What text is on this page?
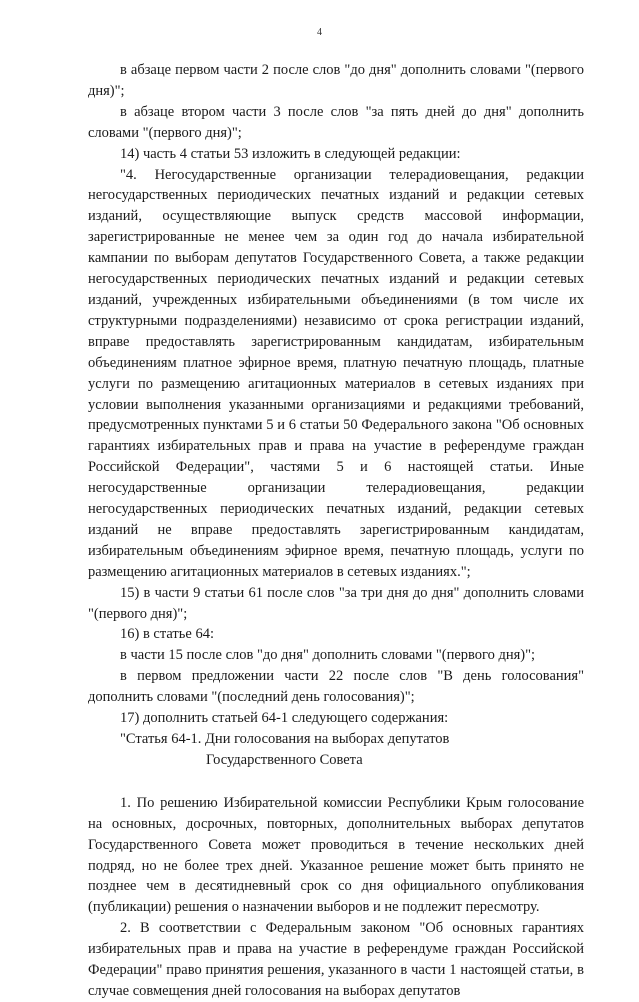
4

в абзаце первом части 2 после слов "до дня" дополнить словами "(первого дня)";

в абзаце втором части 3 после слов "за пять дней до дня" дополнить словами "(первого дня)";

14) часть 4 статьи 53 изложить в следующей редакции:

"4. Негосударственные организации телерадиовещания, редакции негосударственных периодических печатных изданий и редакции сетевых изданий, осуществляющие выпуск средств массовой информации, зарегистрированные не менее чем за один год до начала избирательной кампании по выборам депутатов Государственного Совета, а также редакции негосударственных периодических печатных изданий и редакции сетевых изданий, учрежденных избирательными объединениями (в том числе их структурными подразделениями) независимо от срока регистрации изданий, вправе предоставлять зарегистрированным кандидатам, избирательным объединениям платное эфирное время, платную печатную площадь, платные услуги по размещению агитационных материалов в сетевых изданиях при условии выполнения указанными организациями и редакциями требований, предусмотренных пунктами 5 и 6 статьи 50 Федерального закона "Об основных гарантиях избирательных прав и права на участие в референдуме граждан Российской Федерации", частями 5 и 6 настоящей статьи. Иные негосударственные организации телерадиовещания, редакции негосударственных периодических печатных изданий, редакции сетевых изданий не вправе предоставлять зарегистрированным кандидатам, избирательным объединениям эфирное время, печатную площадь, услуги по размещению агитационных материалов в сетевых изданиях.";

15) в части 9 статьи 61 после слов "за три дня до дня" дополнить словами "(первого дня)";

16) в статье 64:

в части 15 после слов "до дня" дополнить словами "(первого дня)";

в первом предложении части 22 после слов "В день голосования" дополнить словами "(последний день голосования)";

17) дополнить статьей 64-1 следующего содержания:

"Статья 64-1. Дни голосования на выборах депутатов
Государственного Совета

1. По решению Избирательной комиссии Республики Крым голосование на основных, досрочных, повторных, дополнительных выборах депутатов Государственного Совета может проводиться в течение нескольких дней подряд, но не более трех дней. Указанное решение может быть принято не позднее чем в десятидневный срок со дня официального опубликования (публикации) решения о назначении выборов и не подлежит пересмотру.

2. В соответствии с Федеральным законом "Об основных гарантиях избирательных прав и права на участие в референдуме граждан Российской Федерации" право принятия решения, указанного в части 1 настоящей статьи, в случае совмещения дней голосования на выборах депутатов
